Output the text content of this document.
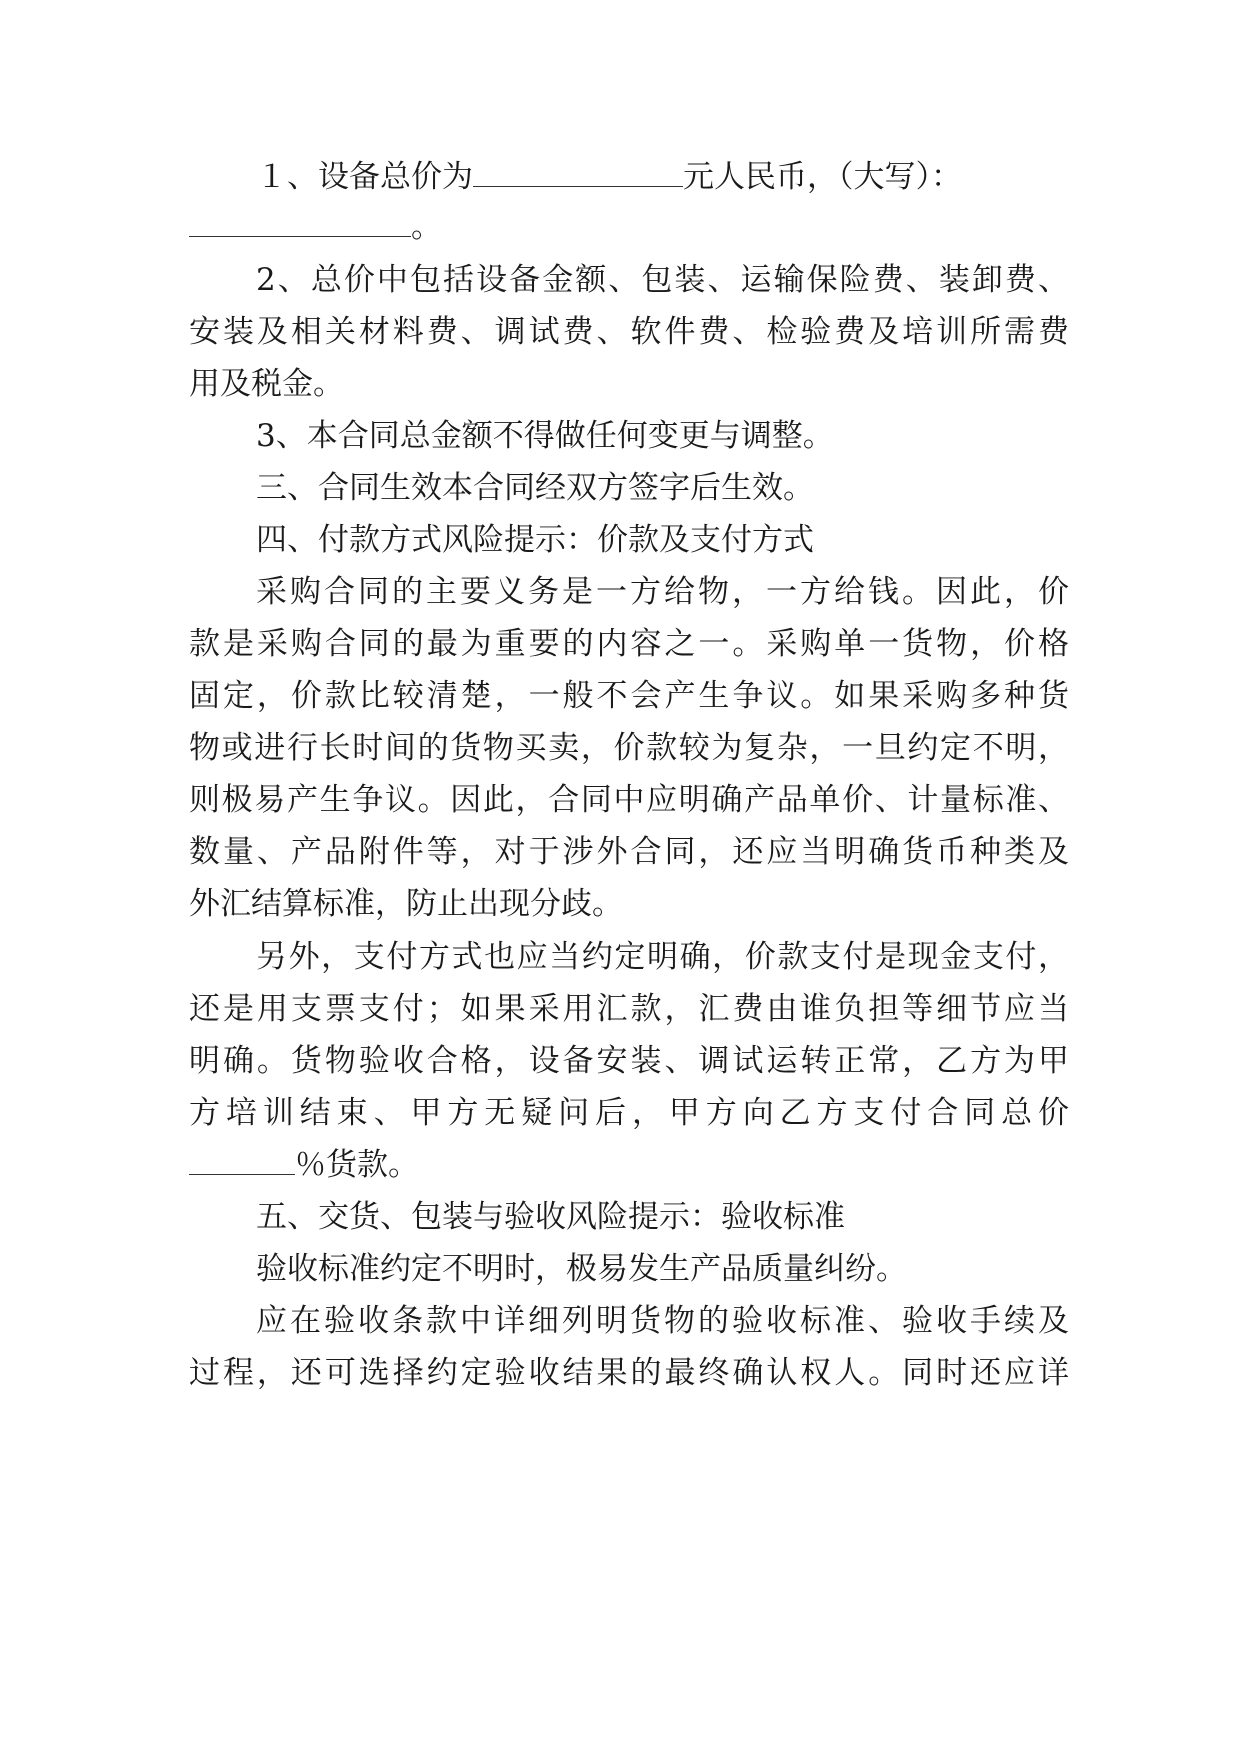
１、设备总价为	元人民币，（大写）：
。
2、总价中包括设备金额、包装、运输保险费、装卸费、
安装及相关材料费、调试费、软件费、检验费及培训所需费
用及税金。
3、本合同总金额不得做任何变更与调整。
三、合同生效本合同经双方签字后生效。
四、付款方式风险提示：价款及支付方式
采购合同的主要义务是一方给物，一方给钱。因此，价
款是采购合同的最为重要的内容之一。采购单一货物，价格
固定，价款比较清楚，一般不会产生争议。如果采购多种货
物或进行长时间的货物买卖，价款较为复杂，一旦约定不明，
则极易产生争议。因此，合同中应明确产品单价、计量标准、
数量、产品附件等，对于涉外合同，还应当明确货币种类及
外汇结算标准，防止出现分歧。
另外，支付方式也应当约定明确，价款支付是现金支付，
还是用支票支付；如果采用汇款，汇费由谁负担等细节应当
明确。货物验收合格，设备安装、调试运转正常，乙方为甲
方培训结束、甲方无疑问后，甲方向乙方支付合同总价
％货款。
五、交货、包装与验收风险提示：验收标准
验收标准约定不明时，极易发生产品质量纠纷。
应在验收条款中详细列明货物的验收标准、验收手续及
过程，还可选择约定验收结果的最终确认权人。同时还应详
